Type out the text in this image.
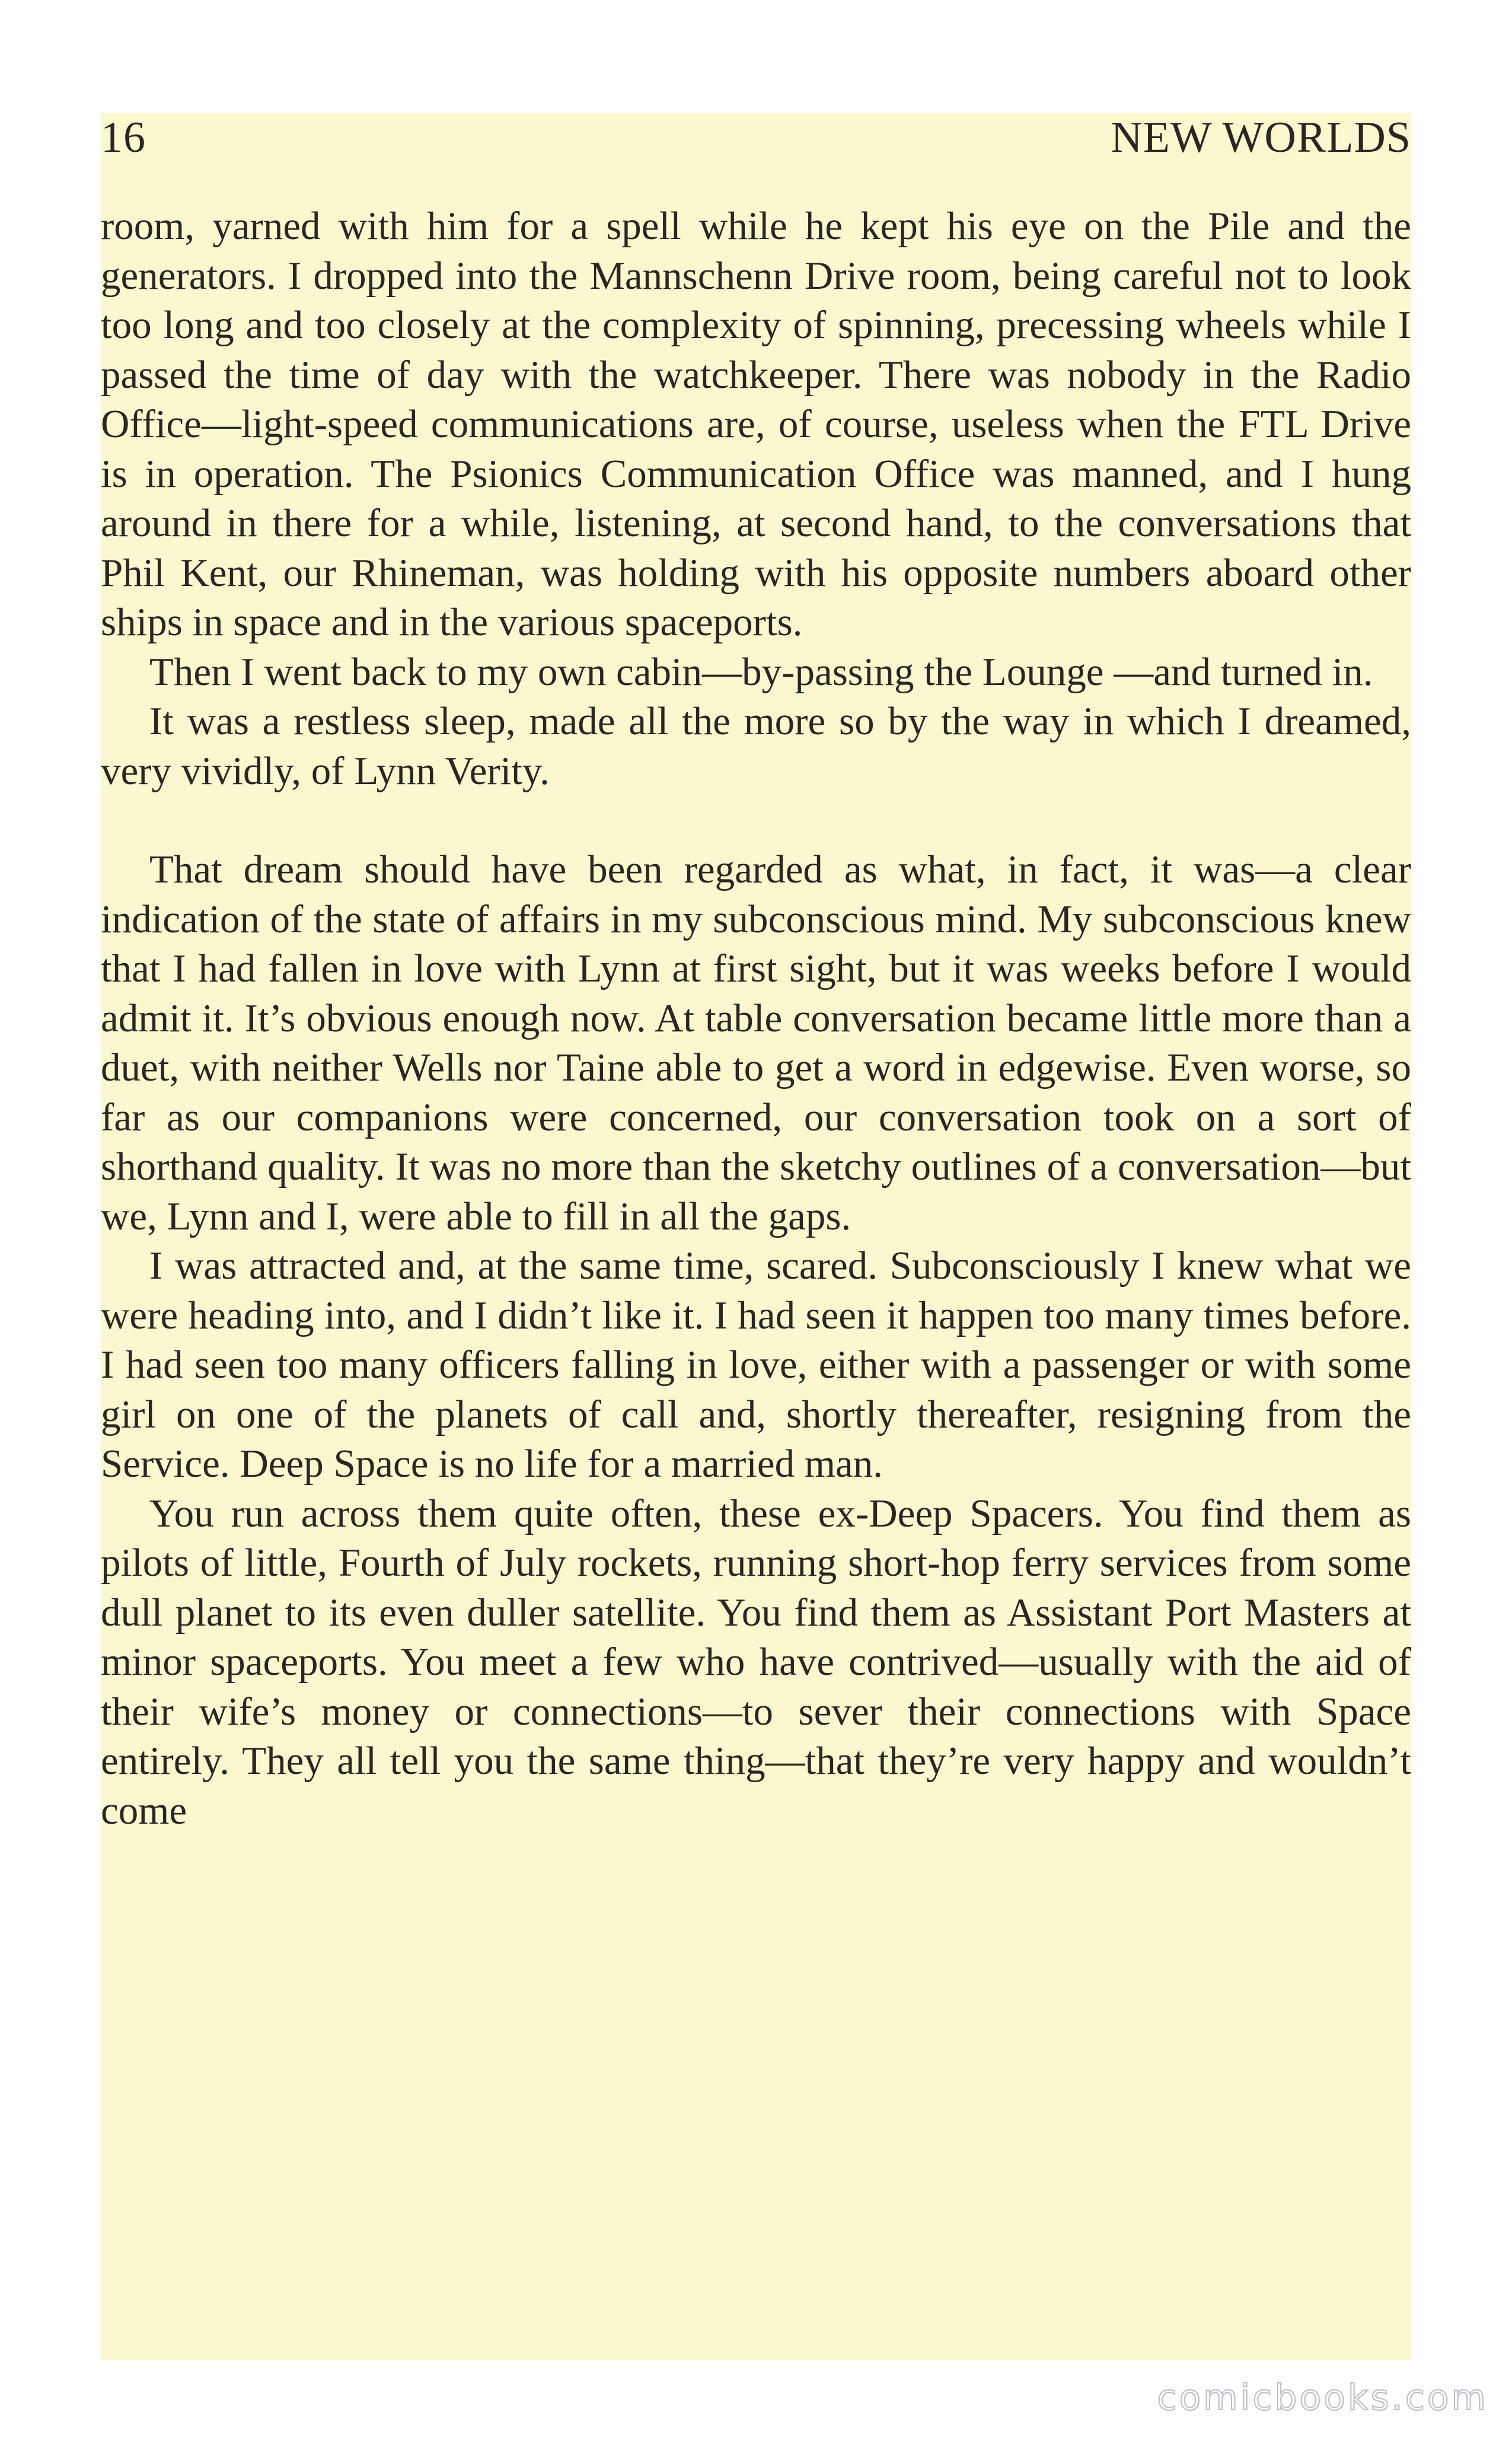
16	NEW WORLDS

room, yarned with him for a spell while he kept his eye on the Pile and the generators. I dropped into the Mannschenn Drive room, being careful not to look too long and too closely at the complexity of spinning, precessing wheels while I passed the time of day with the watchkeeper. There was nobody in the Radio Office—light-speed communications are, of course, useless when the FTL Drive is in operation. The Psionics Communication Office was manned, and I hung around in there for a while, listening, at second hand, to the conversations that Phil Kent, our Rhineman, was holding with his opposite numbers aboard other ships in space and in the various spaceports.

Then I went back to my own cabin—by-passing the Lounge —and turned in.

It was a restless sleep, made all the more so by the way in which I dreamed, very vividly, of Lynn Verity.

That dream should have been regarded as what, in fact, it was—a clear indication of the state of affairs in my subconscious mind. My subconscious knew that I had fallen in love with Lynn at first sight, but it was weeks before I would admit it. It’s obvious enough now. At table conversation became little more than a duet, with neither Wells nor Taine able to get a word in edgewise. Even worse, so far as our companions were concerned, our conversation took on a sort of shorthand quality. It was no more than the sketchy outlines of a conversation—but we, Lynn and I, were able to fill in all the gaps.

I was attracted and, at the same time, scared. Subconsciously I knew what we were heading into, and I didn’t like it. I had seen it happen too many times before. I had seen too many officers falling in love, either with a passenger or with some girl on one of the planets of call and, shortly thereafter, resigning from the Service. Deep Space is no life for a married man.

You run across them quite often, these ex-Deep Spacers. You find them as pilots of little, Fourth of July rockets, running short-hop ferry services from some dull planet to its even duller satellite. You find them as Assistant Port Masters at minor spaceports. You meet a few who have contrived—usually with the aid of their wife’s money or connections—to sever their connections with Space entirely. They all tell you the same thing—that they’re very happy and wouldn’t come

comicbooks.com
